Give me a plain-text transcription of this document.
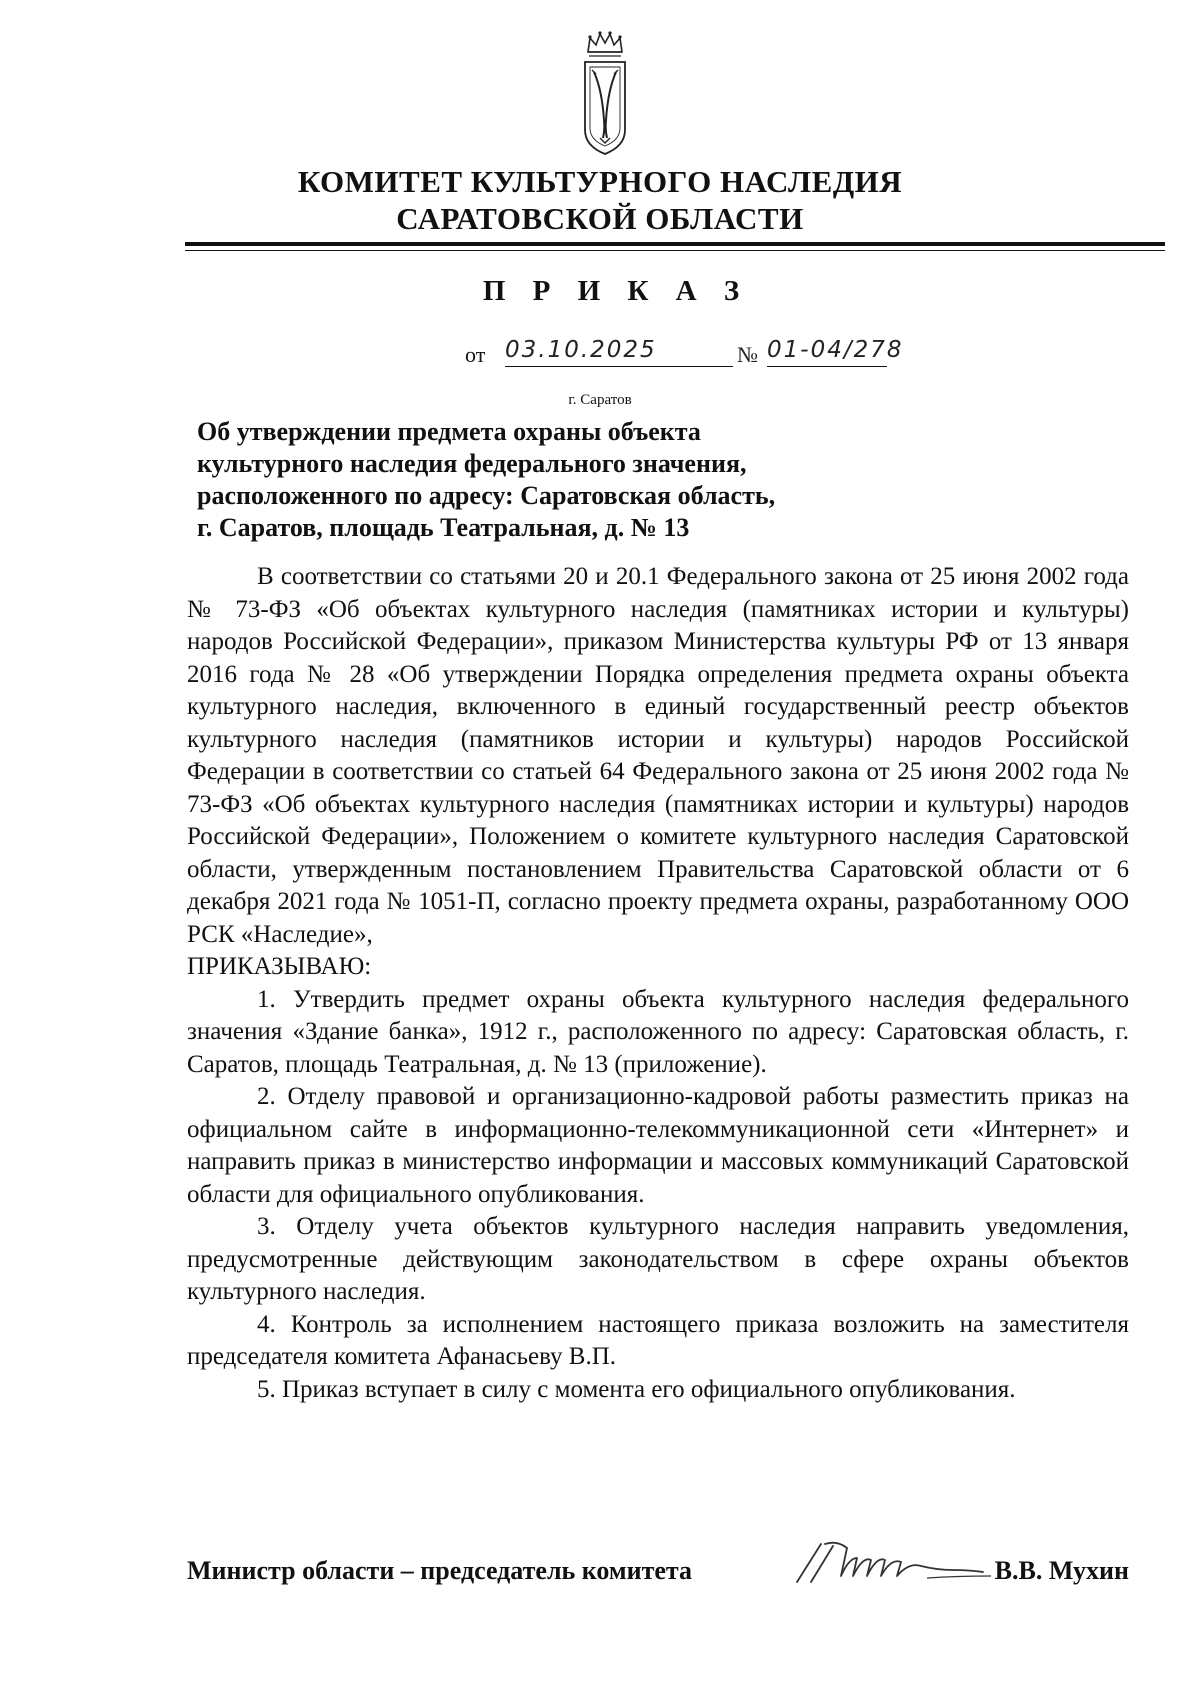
КОМИТЕТ КУЛЬТУРНОГО НАСЛЕДИЯ
САРАТОВСКОЙ ОБЛАСТИ
П Р И К А З
от 03.10.2025	№ 01-04/278
г. Саратов
Об утверждении предмета охраны объекта
культурного наследия федерального значения,
расположенного по адресу: Саратовская область,
г. Саратов, площадь Театральная, д. № 13

В соответствии со статьями 20 и 20.1 Федерального закона от 25 июня 2002 года № 73-ФЗ «Об объектах культурного наследия (памятниках истории и культуры) народов Российской Федерации», приказом Министерства культуры РФ от 13 января 2016 года № 28 «Об утверждении Порядка определения предмета охраны объекта культурного наследия, включенного в единый государственный реестр объектов культурного наследия (памятников истории и культуры) народов Российской Федерации в соответствии со статьей 64 Федерального закона от 25 июня 2002 года № 73-ФЗ «Об объектах культурного наследия (памятниках истории и культуры) народов Российской Федерации», Положением о комитете культурного наследия Саратовской области, утвержденным постановлением Правительства Саратовской области от 6 декабря 2021 года № 1051-П, согласно проекту предмета охраны, разработанному ООО РСК «Наследие»,

ПРИКАЗЫВАЮ:

1. Утвердить предмет охраны объекта культурного наследия федерального значения «Здание банка», 1912 г., расположенного по адресу: Саратовская область, г. Саратов, площадь Театральная, д. № 13 (приложение).

2. Отделу правовой и организационно-кадровой работы разместить приказ на официальном сайте в информационно-телекоммуникационной сети «Интернет» и направить приказ в министерство информации и массовых коммуникаций Саратовской области для официального опубликования.

3. Отделу учета объектов культурного наследия направить уведомления, предусмотренные действующим законодательством в сфере охраны объектов культурного наследия.

4. Контроль за исполнением настоящего приказа возложить на заместителя председателя комитета Афанасьеву В.П.

5. Приказ вступает в силу с момента его официального опубликования.

Министр области – председатель комитета	В.В. Мухин
